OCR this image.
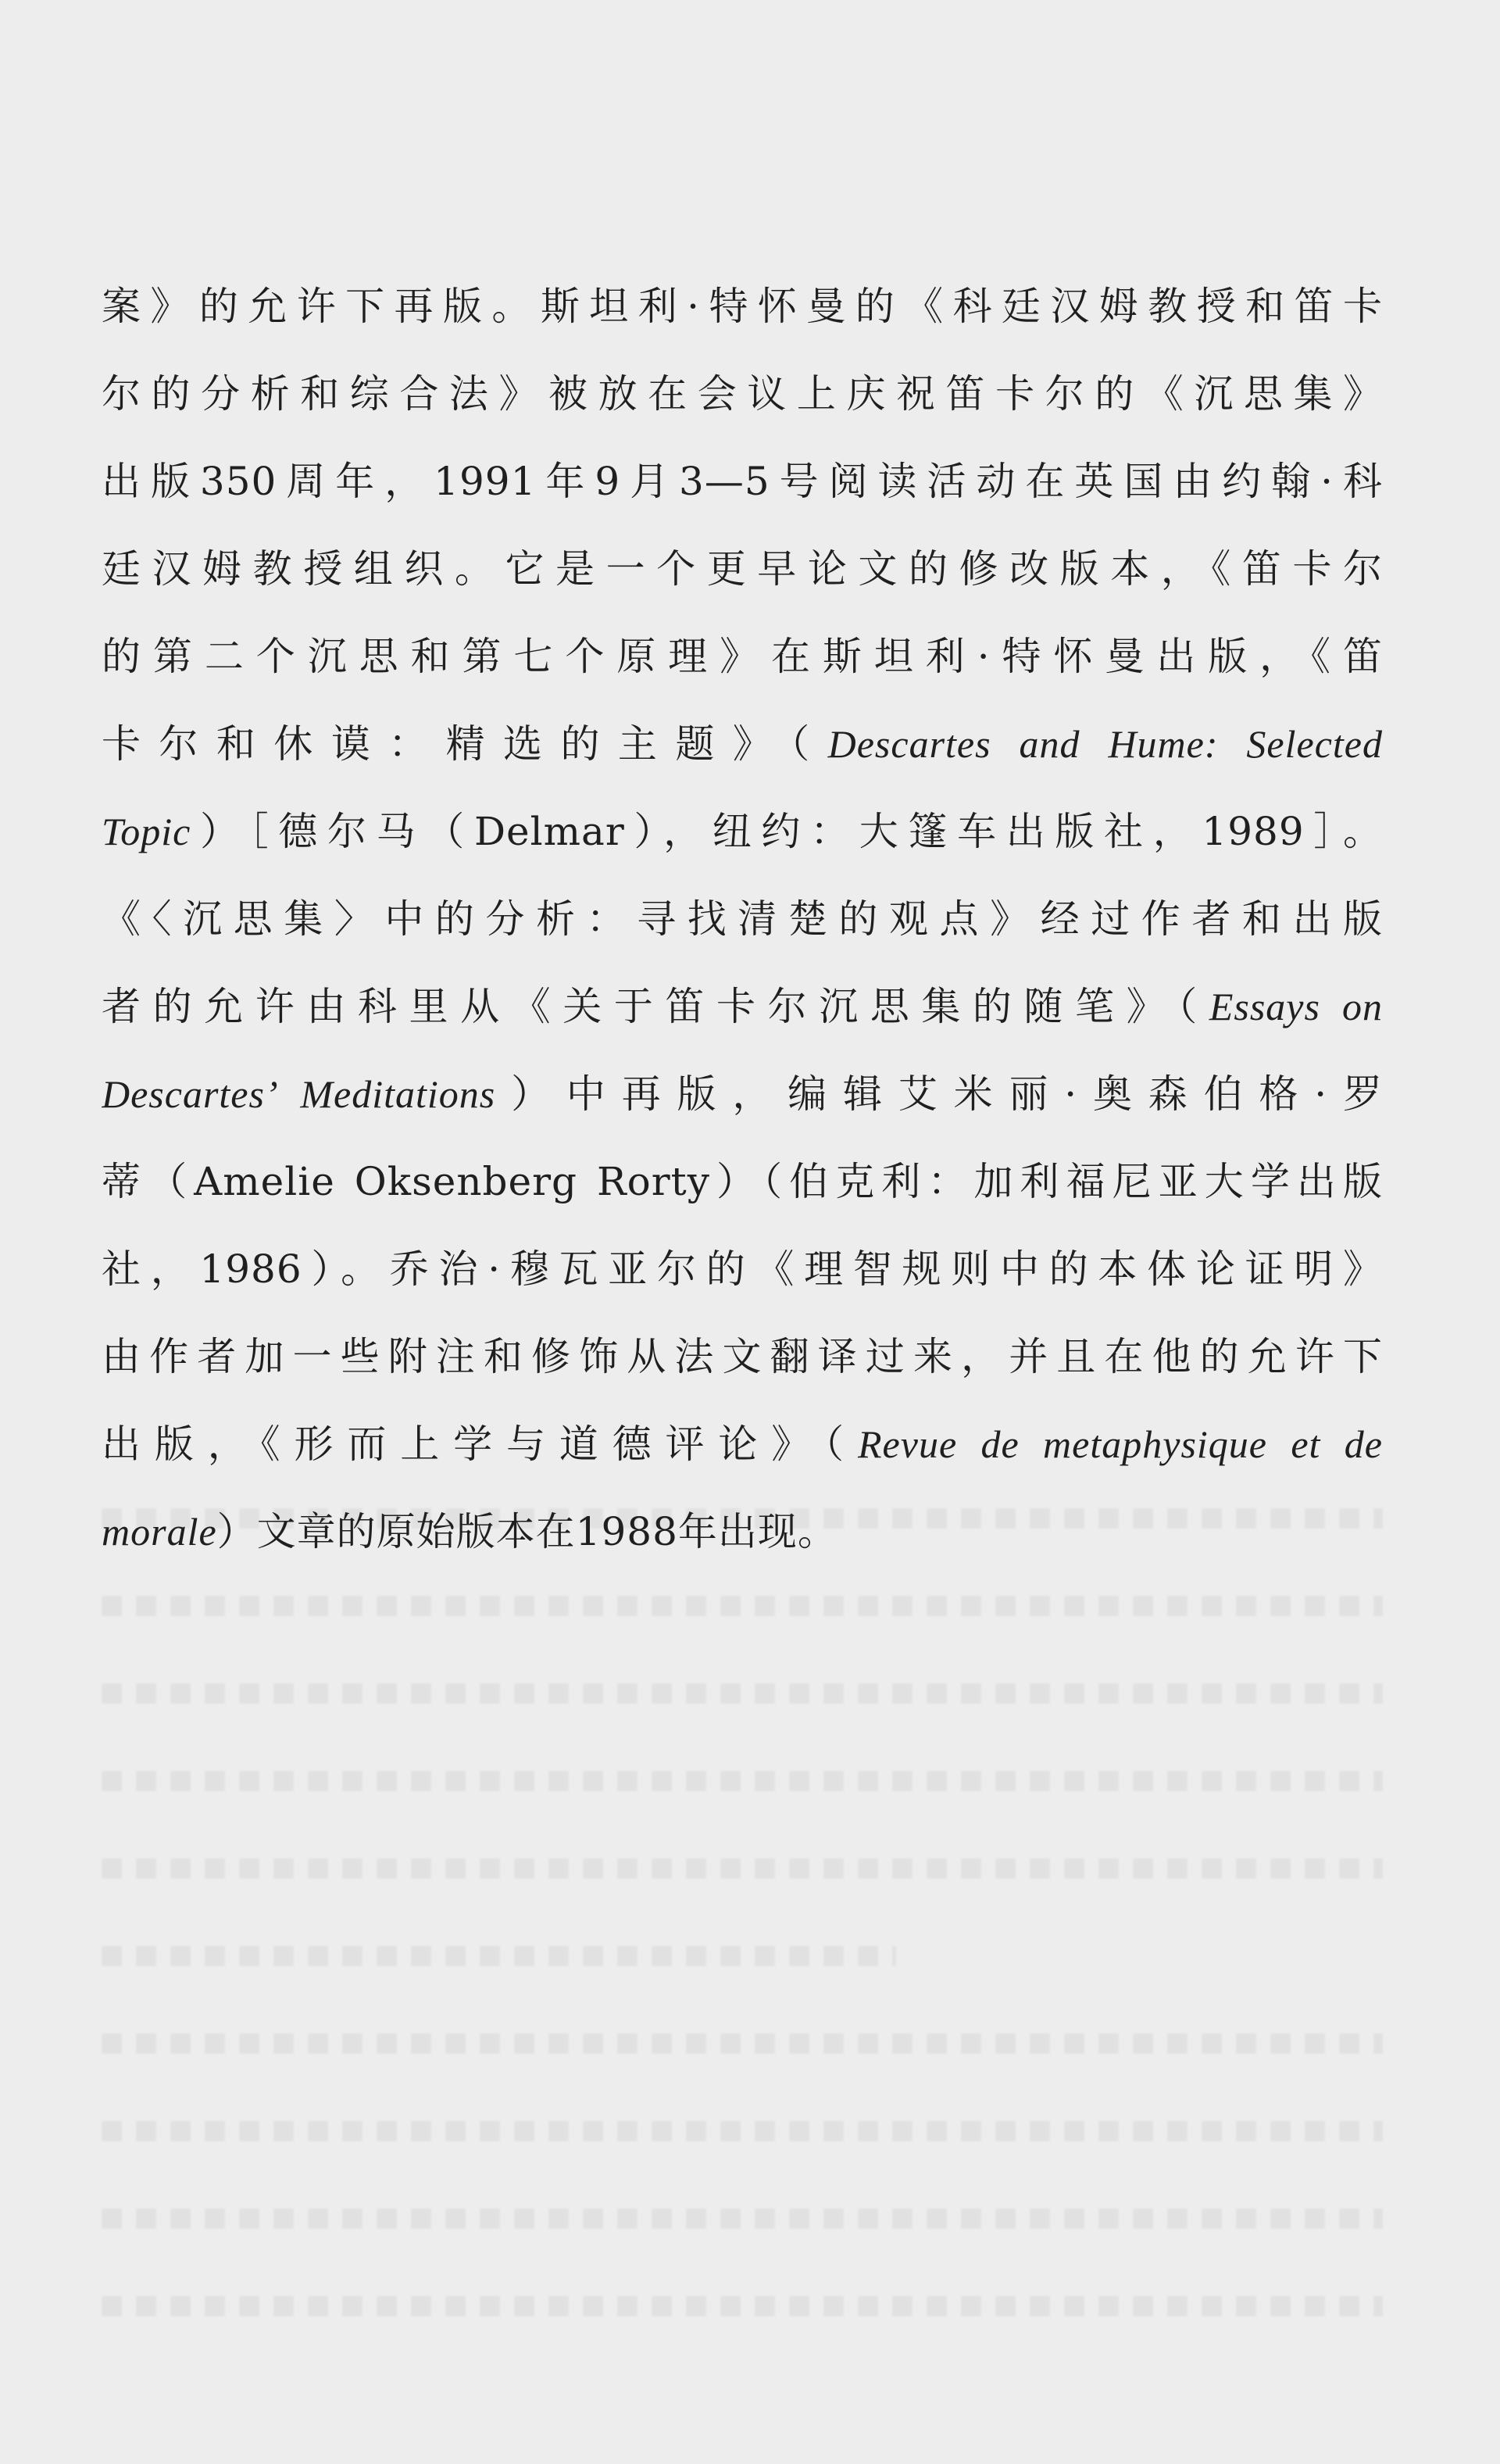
案》的允许下再版。斯坦利·特怀曼的《科廷汉姆教授和笛卡
尔的分析和综合法》被放在会议上庆祝笛卡尔的《沉思集》
出版350周年，1991年9月3—5号阅读活动在英国由约翰·科
廷汉姆教授组织。它是一个更早论文的修改版本，《笛卡尔
的第二个沉思和第七个原理》在斯坦利·特怀曼出版，《笛
卡尔和休谟：精选的主题》（Descartes and Hume: Selected
Topic）［德尔马（Delmar），纽约：大篷车出版社，1989］。
《〈沉思集〉中的分析：寻找清楚的观点》经过作者和出版
者的允许由科里从《关于笛卡尔沉思集的随笔》（Essays on
Descartes’ Meditations）中再版，编辑艾米丽·奥森伯格·罗
蒂（Amelie Oksenberg Rorty）（伯克利：加利福尼亚大学出版
社，1986）。乔治·穆瓦亚尔的《理智规则中的本体论证明》
由作者加一些附注和修饰从法文翻译过来，并且在他的允许下
出版，《形而上学与道德评论》（Revue de metaphysique et de
morale）文章的原始版本在1988年出现。
